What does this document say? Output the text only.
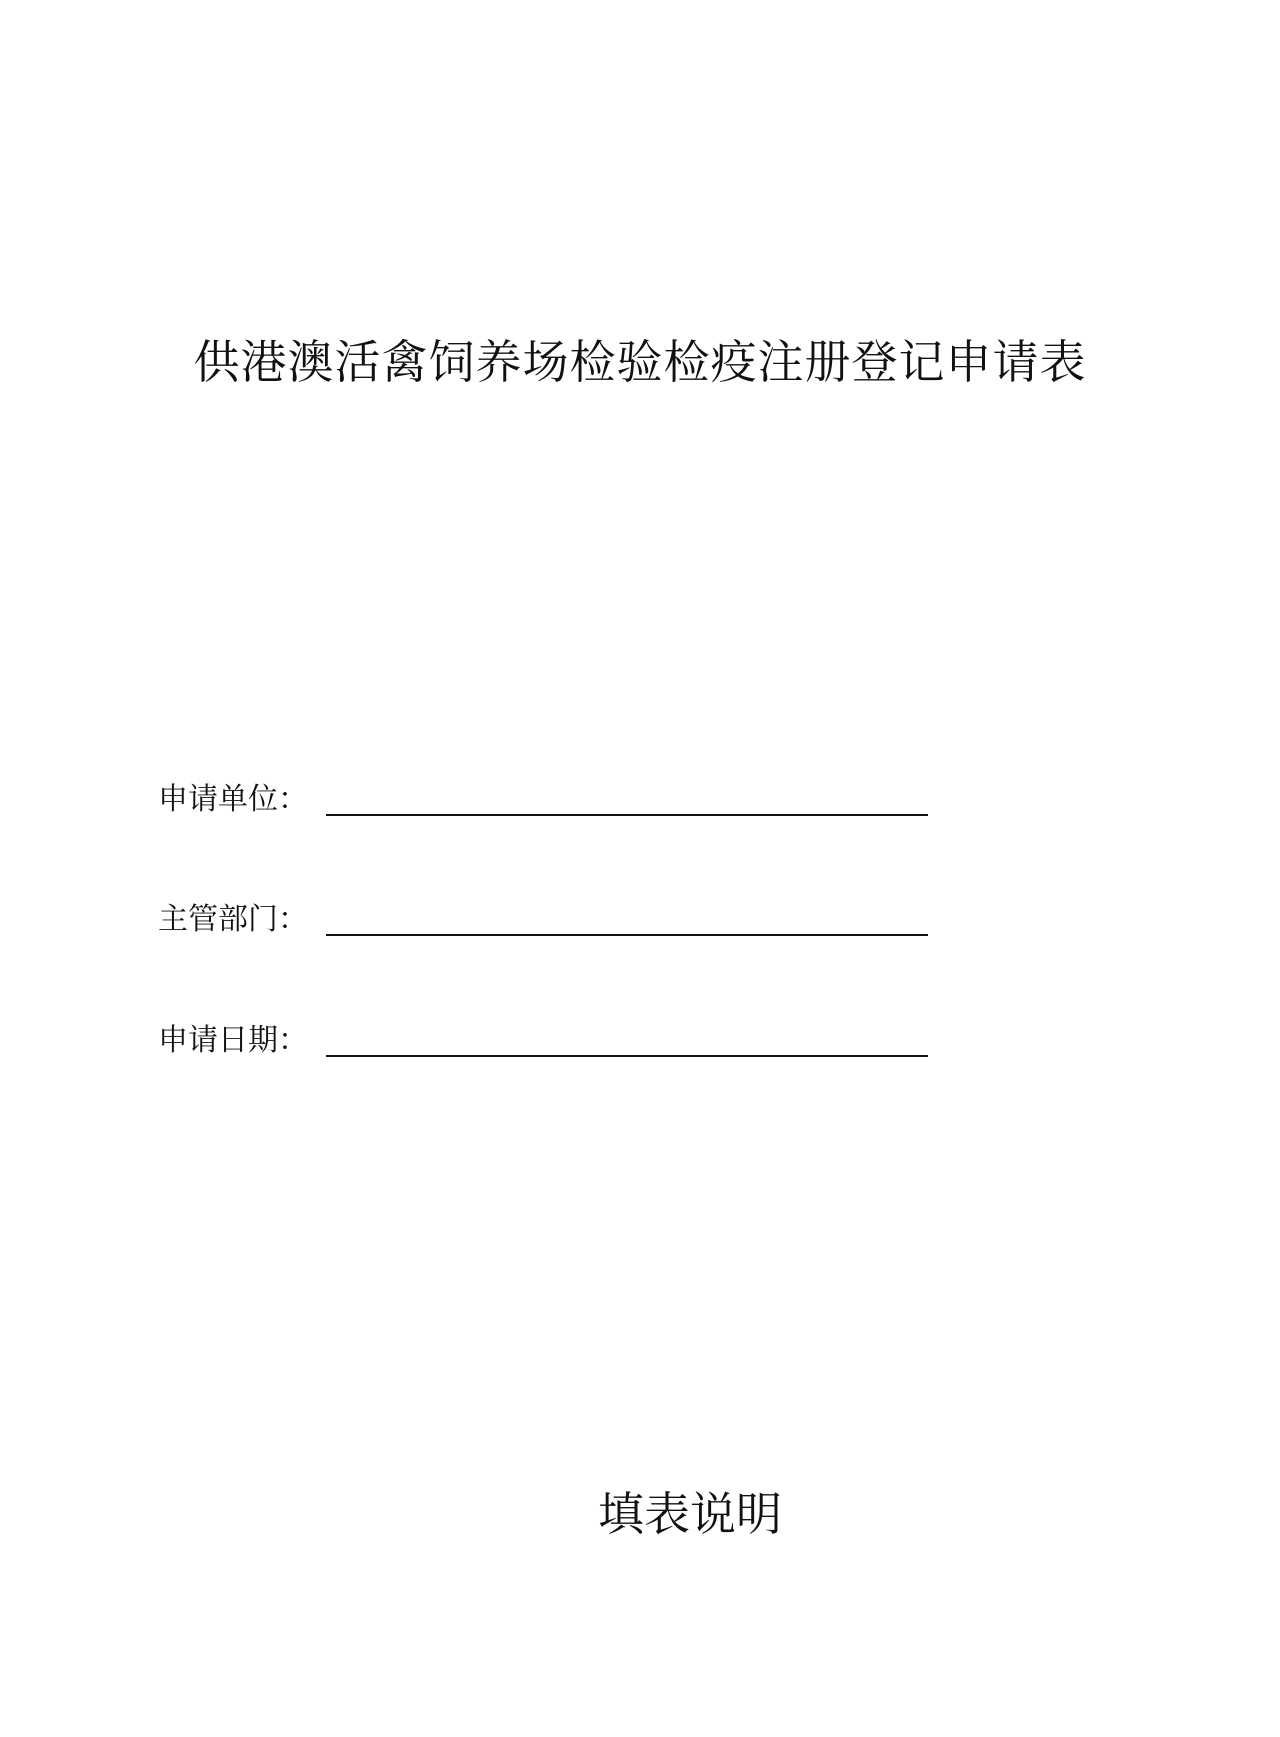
供港澳活禽饲养场检验检疫注册登记申请表
申请单位：
主管部门：
申请日期：
填表说明
